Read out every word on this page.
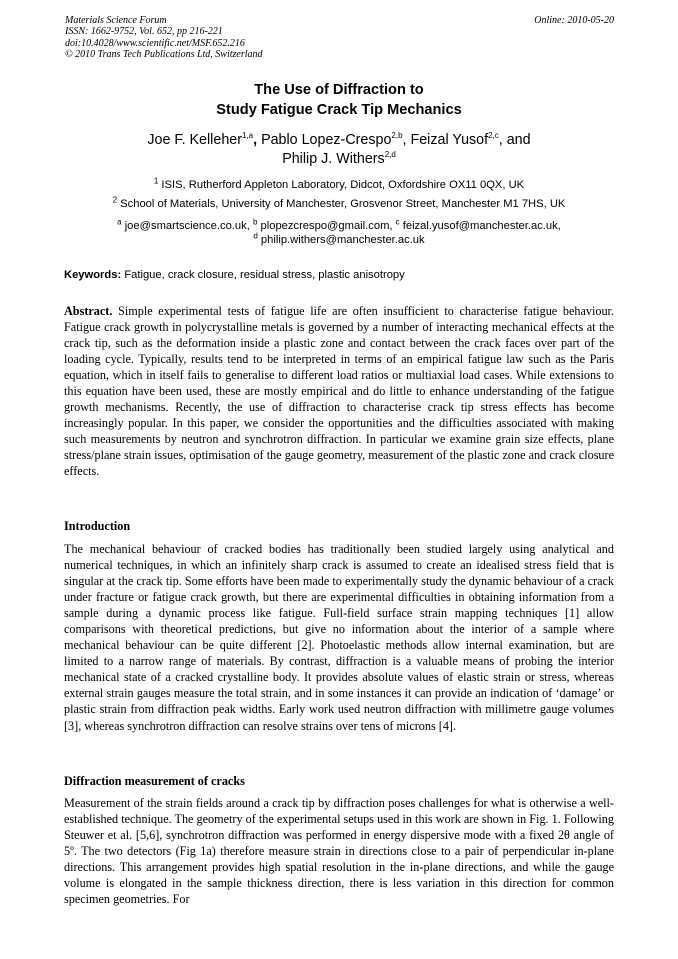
Materials Science Forum
ISSN: 1662-9752, Vol. 652, pp 216-221
doi:10.4028/www.scientific.net/MSF.652.216
© 2010 Trans Tech Publications Ltd, Switzerland
Online: 2010-05-20
The Use of Diffraction to
Study Fatigue Crack Tip Mechanics
Joe F. Kelleher$^{1,a}$, Pablo Lopez-Crespo$^{2,b}$, Feizal Yusof$^{2,c}$, and
Philip J. Withers$^{2,d}$
$^1$ ISIS, Rutherford Appleton Laboratory, Didcot, Oxfordshire OX11 0QX, UK
$^2$ School of Materials, University of Manchester, Grosvenor Street, Manchester M1 7HS, UK
$^a$ joe@smartscience.co.uk, $^b$ plopezcrespo@gmail.com, $^c$ feizal.yusof@manchester.ac.uk,
$^d$ philip.withers@manchester.ac.uk
Keywords: Fatigue, crack closure, residual stress, plastic anisotropy

Abstract. Simple experimental tests of fatigue life are often insufficient to characterise fatigue behaviour. Fatigue crack growth in polycrystalline metals is governed by a number of interacting mechanical effects at the crack tip, such as the deformation inside a plastic zone and contact between the crack faces over part of the loading cycle. Typically, results tend to be interpreted in terms of an empirical fatigue law such as the Paris equation, which in itself fails to generalise to different load ratios or multiaxial load cases. While extensions to this equation have been used, these are mostly empirical and do little to enhance understanding of the fatigue growth mechanisms. Recently, the use of diffraction to characterise crack tip stress effects has become increasingly popular. In this paper, we consider the opportunities and the difficulties associated with making such measurements by neutron and synchrotron diffraction. In particular we examine grain size effects, plane stress/plane strain issues, optimisation of the gauge geometry, measurement of the plastic zone and crack closure effects.

Introduction

The mechanical behaviour of cracked bodies has traditionally been studied largely using analytical and numerical techniques, in which an infinitely sharp crack is assumed to create an idealised stress field that is singular at the crack tip. Some efforts have been made to experimentally study the dynamic behaviour of a crack under fracture or fatigue crack growth, but there are experimental difficulties in obtaining information from a sample during a dynamic process like fatigue. Full-field surface strain mapping techniques [1] allow comparisons with theoretical predictions, but give no information about the interior of a sample where mechanical behaviour can be quite different [2]. Photoelastic methods allow internal examination, but are limited to a narrow range of materials. By contrast, diffraction is a valuable means of probing the interior mechanical state of a cracked crystalline body. It provides absolute values of elastic strain or stress, whereas external strain gauges measure the total strain, and in some instances it can provide an indication of ‘damage’ or plastic strain from diffraction peak widths. Early work used neutron diffraction with millimetre gauge volumes [3], whereas synchrotron diffraction can resolve strains over tens of microns [4].

Diffraction measurement of cracks

Measurement of the strain fields around a crack tip by diffraction poses challenges for what is otherwise a well-established technique. The geometry of the experimental setups used in this work are shown in Fig. 1. Following Steuwer et al. [5,6], synchrotron diffraction was performed in energy dispersive mode with a fixed 2θ angle of 5º. The two detectors (Fig 1a) therefore measure strain in directions close to a pair of perpendicular in-plane directions. This arrangement provides high spatial resolution in the in-plane directions, and while the gauge volume is elongated in the sample thickness direction, there is less variation in this direction for common specimen geometries. For
